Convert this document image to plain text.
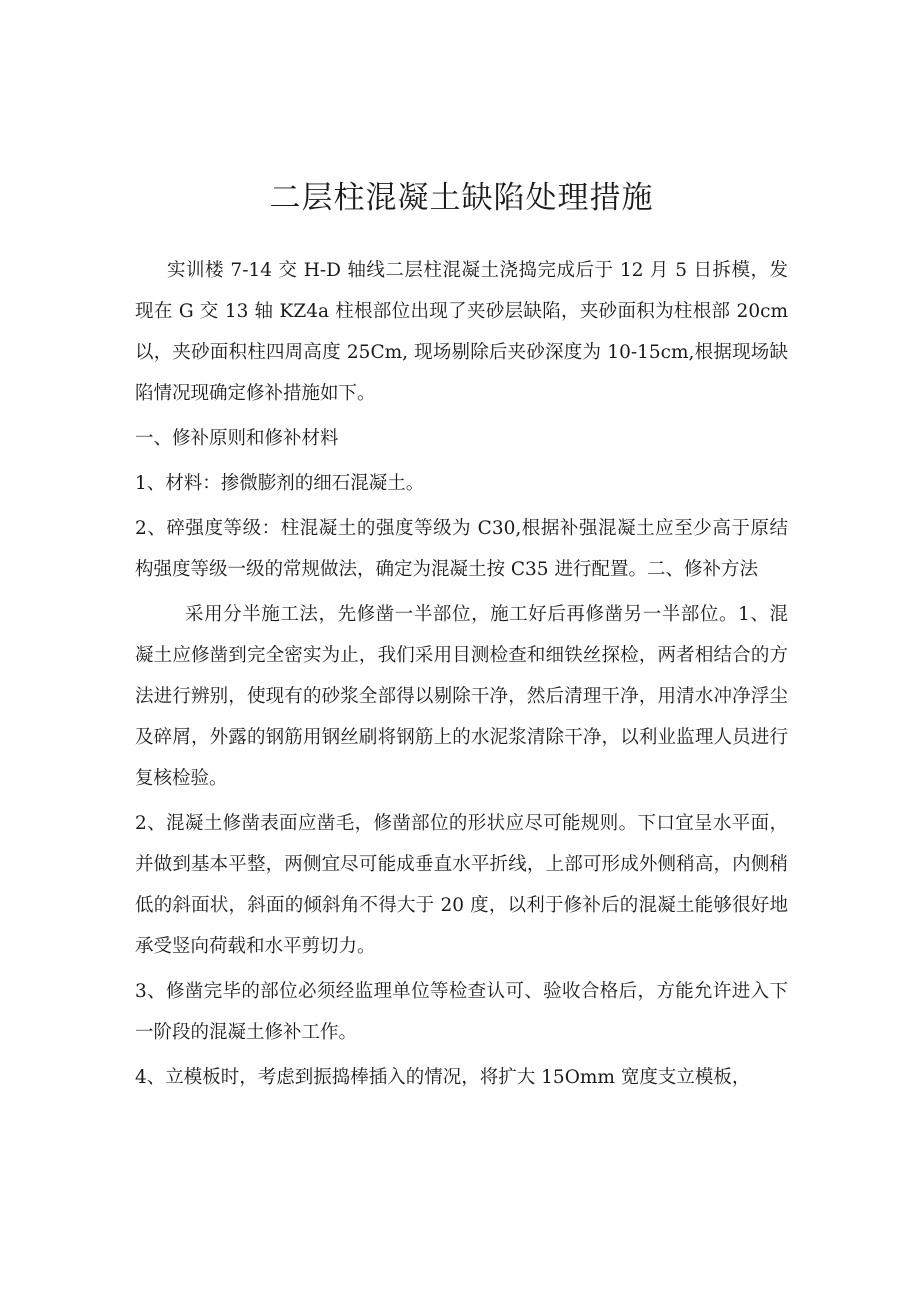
二层柱混凝土缺陷处理措施

实训楼 7-14 交 H-D 轴线二层柱混凝土浇捣完成后于 12 月 5 日拆模，发现在 G 交 13 轴 KZ4a 柱根部位出现了夹砂层缺陷，夹砂面积为柱根部 20cm 以，夹砂面积柱四周高度 25Cm, 现场剔除后夹砂深度为 10-15cm,根据现场缺陷情况现确定修补措施如下。

一、修补原则和修补材料

1、材料：掺微膨剂的细石混凝土。

2、碎强度等级：柱混凝土的强度等级为 C30,根据补强混凝土应至少高于原结构强度等级一级的常规做法，确定为混凝土按 C35 进行配置。二、修补方法

采用分半施工法，先修凿一半部位，施工好后再修凿另一半部位。1、混凝土应修凿到完全密实为止，我们采用目测检查和细铁丝探检，两者相结合的方法进行辨别，使现有的砂浆全部得以剔除干净，然后清理干净，用清水冲净浮尘及碎屑，外露的钢筋用钢丝刷将钢筋上的水泥浆清除干净，以利业监理人员进行复核检验。

2、混凝土修凿表面应凿毛，修凿部位的形状应尽可能规则。下口宜呈水平面，并做到基本平整，两侧宜尽可能成垂直水平折线，上部可形成外侧稍高，内侧稍低的斜面状，斜面的倾斜角不得大于 20 度，以利于修补后的混凝土能够很好地承受竖向荷载和水平剪切力。

3、修凿完毕的部位必须经监理单位等检查认可、验收合格后，方能允许进入下一阶段的混凝土修补工作。

4、立模板时，考虑到振捣棒插入的情况，将扩大 15Omm 宽度支立模板，
